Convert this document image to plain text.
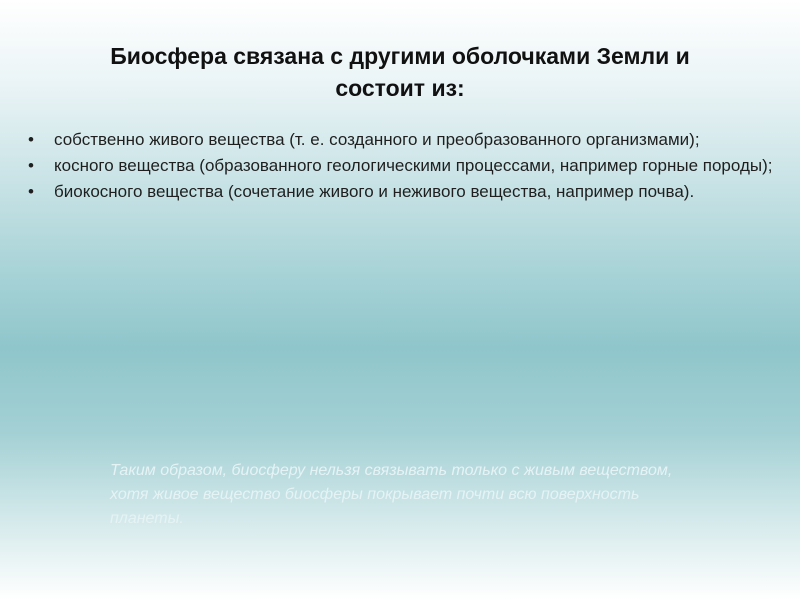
Биосфера связана с другими оболочками Земли и
состоит из:
• собственно живого вещества (т. е. созданного и преобразованного организмами);
• косного вещества (образованного геологическими процессами, например горные породы);
• биокосного вещества (сочетание живого и неживого вещества, например почва).
Таким образом, биосферу нельзя связывать только с живым веществом, хотя живое вещество биосферы покрывает почти всю поверхность планеты.
